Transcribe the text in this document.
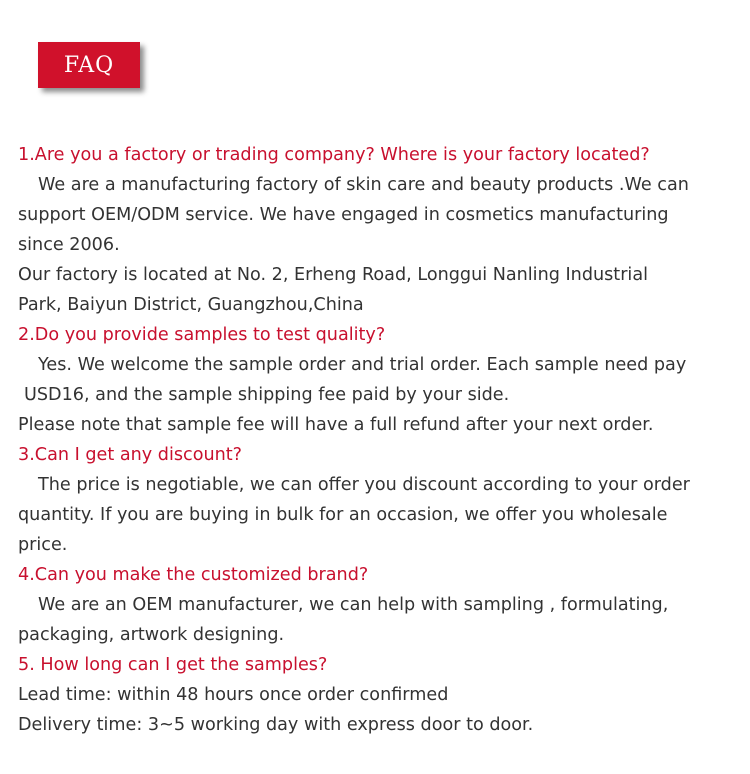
FAQ

1.Are you a factory or trading company? Where is your factory located?

We are a manufacturing factory of skin care and beauty products .We can

support OEM/ODM service. We have engaged in cosmetics manufacturing

since 2006.

Our factory is located at No. 2, Erheng Road, Longgui Nanling Industrial

Park, Baiyun District, Guangzhou,China

2.Do you provide samples to test quality?

Yes. We welcome the sample order and trial order. Each sample need pay

USD16, and the sample shipping fee paid by your side.

Please note that sample fee will have a full refund after your next order.

3.Can I get any discount?

The price is negotiable, we can offer you discount according to your order

quantity. If you are buying in bulk for an occasion, we offer you wholesale

price.

4.Can you make the customized brand?

We are an OEM manufacturer, we can help with sampling , formulating,

packaging, artwork designing.

5. How long can I get the samples?

Lead time: within 48 hours once order confirmed

Delivery time: 3~5 working day with express door to door.
